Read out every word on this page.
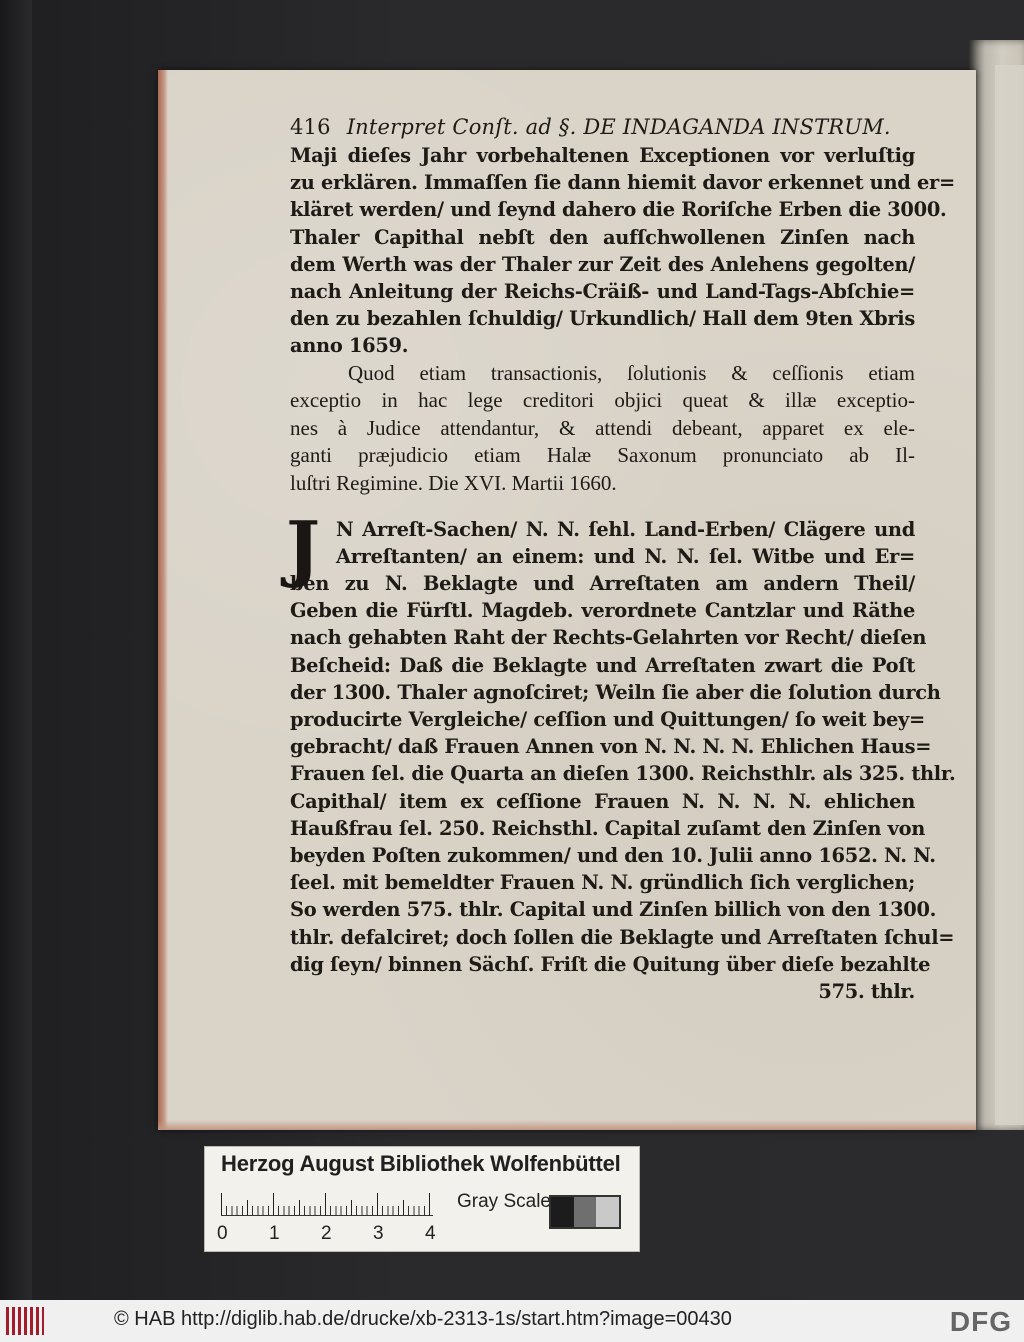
416 Interpret Conſt. ad §. DE INDAGANDA INSTRUM.
Maji dieſes Jahr vorbehaltenen Exceptionen vor verluſtig
zu erklären. Immaſſen ſie dann hiemit davor erkennet und er=
kläret werden/ und ſeynd dahero die Roriſche Erben die 3000.
Thaler Capithal nebſt den aufſchwollenen Zinſen nach
dem Werth was der Thaler zur Zeit des Anlehens gegolten/
nach Anleitung der Reichs-Cräiß- und Land-Tags-Abſchie=
den zu bezahlen ſchuldig/ Urkundlich/ Hall dem 9ten Xbris
anno 1659.
Quod etiam transactionis, ſolutionis & ceſſionis etiam
exceptio in hac lege creditori objici queat & illæ exceptio-
nes à Judice attendantur, & attendi debeant, apparet ex ele-
ganti præjudicio etiam Halæ Saxonum pronunciato ab Il-
luſtri Regimine. Die XVI. Martii 1660.
J N Arreſt-Sachen/ N. N. ſehl. Land-Erben/ Clägere und
Arreſtanten/ an einem: und N. N. ſel. Witbe und Er=
ben zu N. Beklagte und Arreſtaten am andern Theil/
Geben die Fürſtl. Magdeb. verordnete Cantzlar und Räthe
nach gehabten Raht der Rechts-Gelahrten vor Recht/ dieſen
Beſcheid: Daß die Beklagte und Arreſtaten zwart die Poſt
der 1300. Thaler agnoſciret; Weiln ſie aber die ſolution durch
producirte Vergleiche/ ceſſion und Quittungen/ ſo weit bey=
gebracht/ daß Frauen Annen von N. N. N. N. Ehlichen Haus=
Frauen ſel. die Quarta an dieſen 1300. Reichsthlr. als 325. thlr.
Capithal/ item ex ceſſione Frauen N. N. N. N. ehlichen
Haußfrau ſel. 250. Reichsthl. Capital zuſamt den Zinſen von
beyden Poſten zukommen/ und den 10. Julii anno 1652. N. N.
ſeel. mit bemeldter Frauen N. N. gründlich ſich verglichen;
So werden 575. thlr. Capital und Zinſen billich von den 1300.
thlr. defalciret; doch ſollen die Beklagte und Arreſtaten ſchul=
dig ſeyn/ binnen Sächſ. Friſt die Quitung über dieſe bezahlte
575. thlr.
Herzog August Bibliothek Wolfenbüttel
0 1 2 3 4
Gray Scale
© HAB http://diglib.hab.de/drucke/xb-2313-1s/start.htm?image=00430	DFG
